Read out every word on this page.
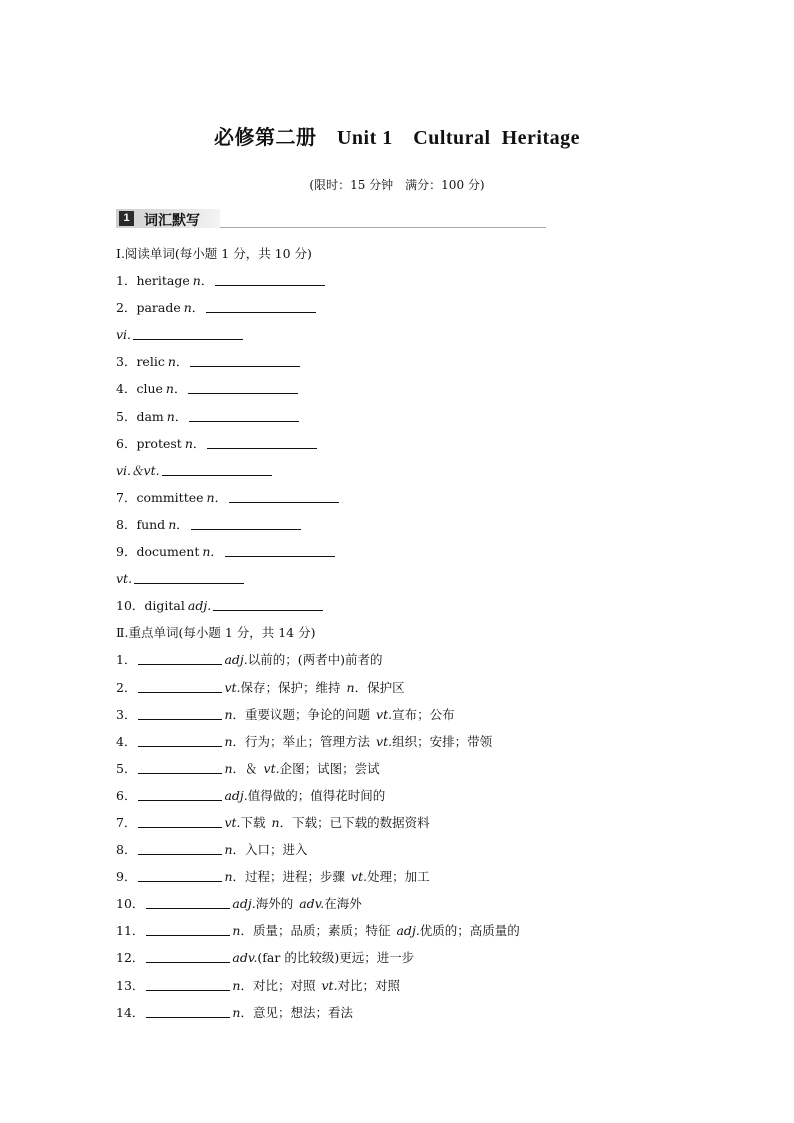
必修第二册　Unit 1　Cultural  Heritage
(限时：15 分钟　满分：100 分)
1	词汇默写
Ⅰ.阅读单词(每小题 1 分，共 10 分)
1． heritage n ．
2． parade n ．
vi.
3． relic n ．
4． clue n ．
5． dam n ．
6． protest n ．
vi.＆vt.
7． committee n ．
8． fund n ．
9． document n ．
vt.
10． digital adj.
Ⅱ.重点单词(每小题 1 分，共 14 分)
1．	adj. 以前的；(两者中)前者的
2．	vt. 保存；保护；维持 n ．保护区
3．	n ．重要议题；争论的问题 vt. 宣布；公布
4．	n ．行为；举止；管理方法 vt. 组织；安排；带领
5．	n ．＆ vt. 企图；试图；尝试
6．	adj. 值得做的；值得花时间的
7．	vt. 下载 n ．下载；已下载的数据资料
8．	n ．入口；进入
9．	n ．过程；进程；步骤 vt. 处理；加工
10．	adj. 海外的 adv. 在海外
11．	n ．质量；品质；素质；特征 adj. 优质的；高质量的
12．	adv. (far 的比较级)更远；进一步
13．	n ．对比；对照 vt. 对比；对照
14．	n ．意见；想法；看法
